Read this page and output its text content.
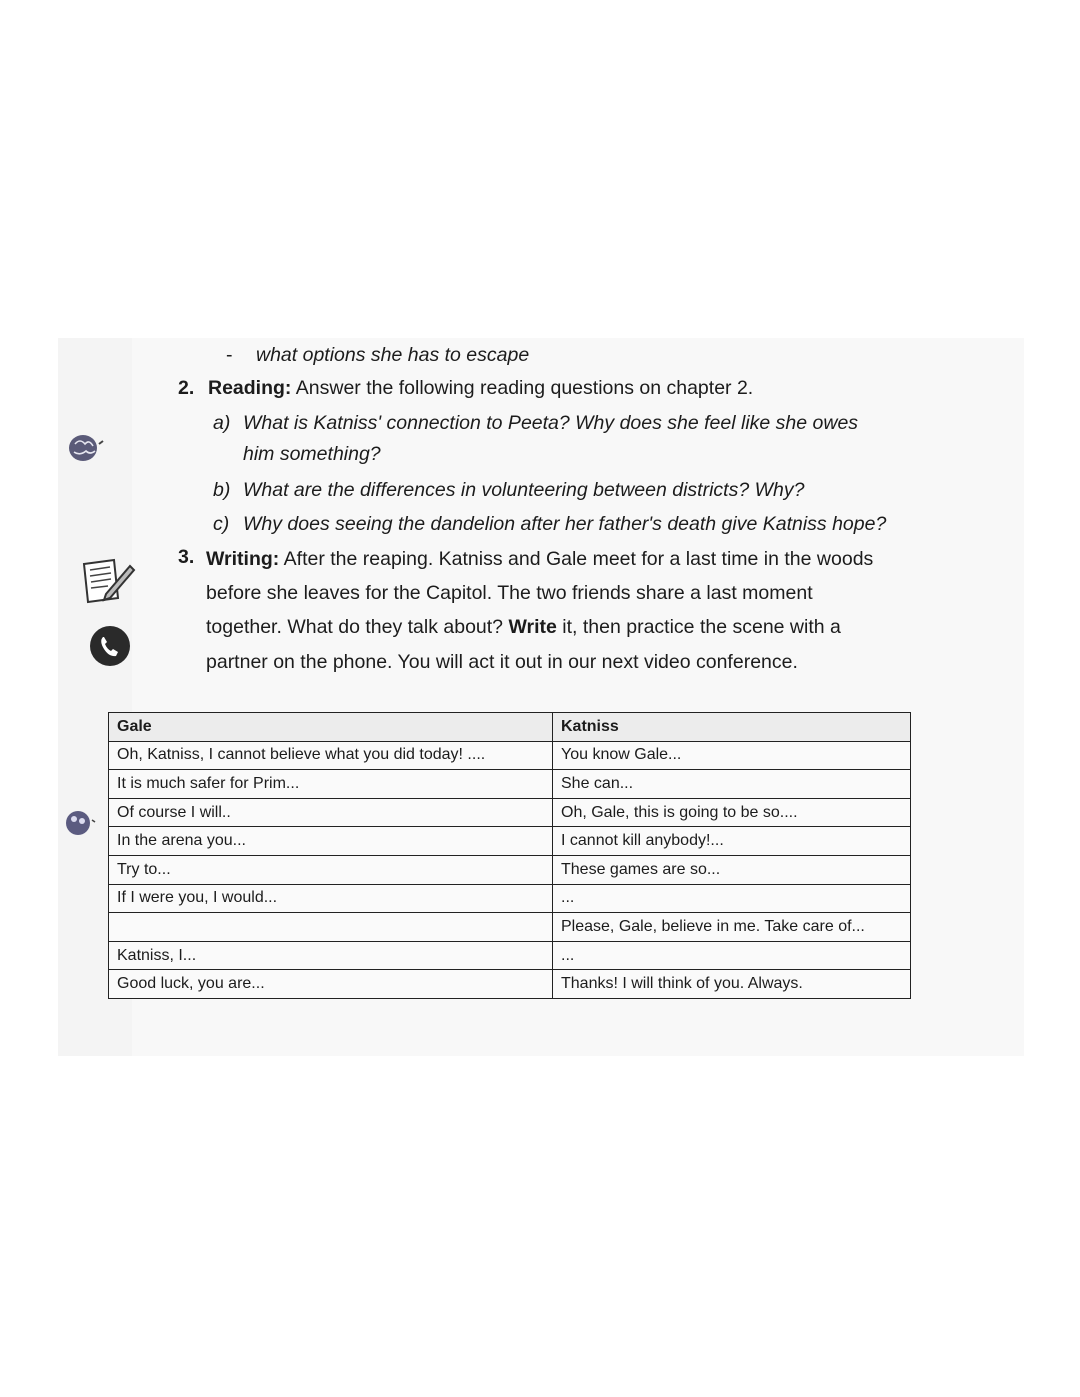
- what options she has to escape
2. Reading: Answer the following reading questions on chapter 2.
a) What is Katniss' connection to Peeta? Why does she feel like she owes
him something?
b) What are the differences in volunteering between districts? Why?
c) Why does seeing the dandelion after her father's death give Katniss hope?
3. Writing: After the reaping. Katniss and Gale meet for a last time in the woods
before she leaves for the Capitol. The two friends share a last moment
together. What do they talk about? Write it, then practice the scene with a
partner on the phone. You will act it out in our next video conference.
Gale	Katniss
Oh, Katniss, I cannot believe what you did today! ....	You know Gale...
It is much safer for Prim...	She can...
Of course I will..	Oh, Gale, this is going to be so....
In the arena you...	I cannot kill anybody!...
Try to...	These games are so...
If I were you, I would...	...
	Please, Gale, believe in me. Take care of...
Katniss, I...	...
Good luck, you are...	Thanks! I will think of you. Always.
